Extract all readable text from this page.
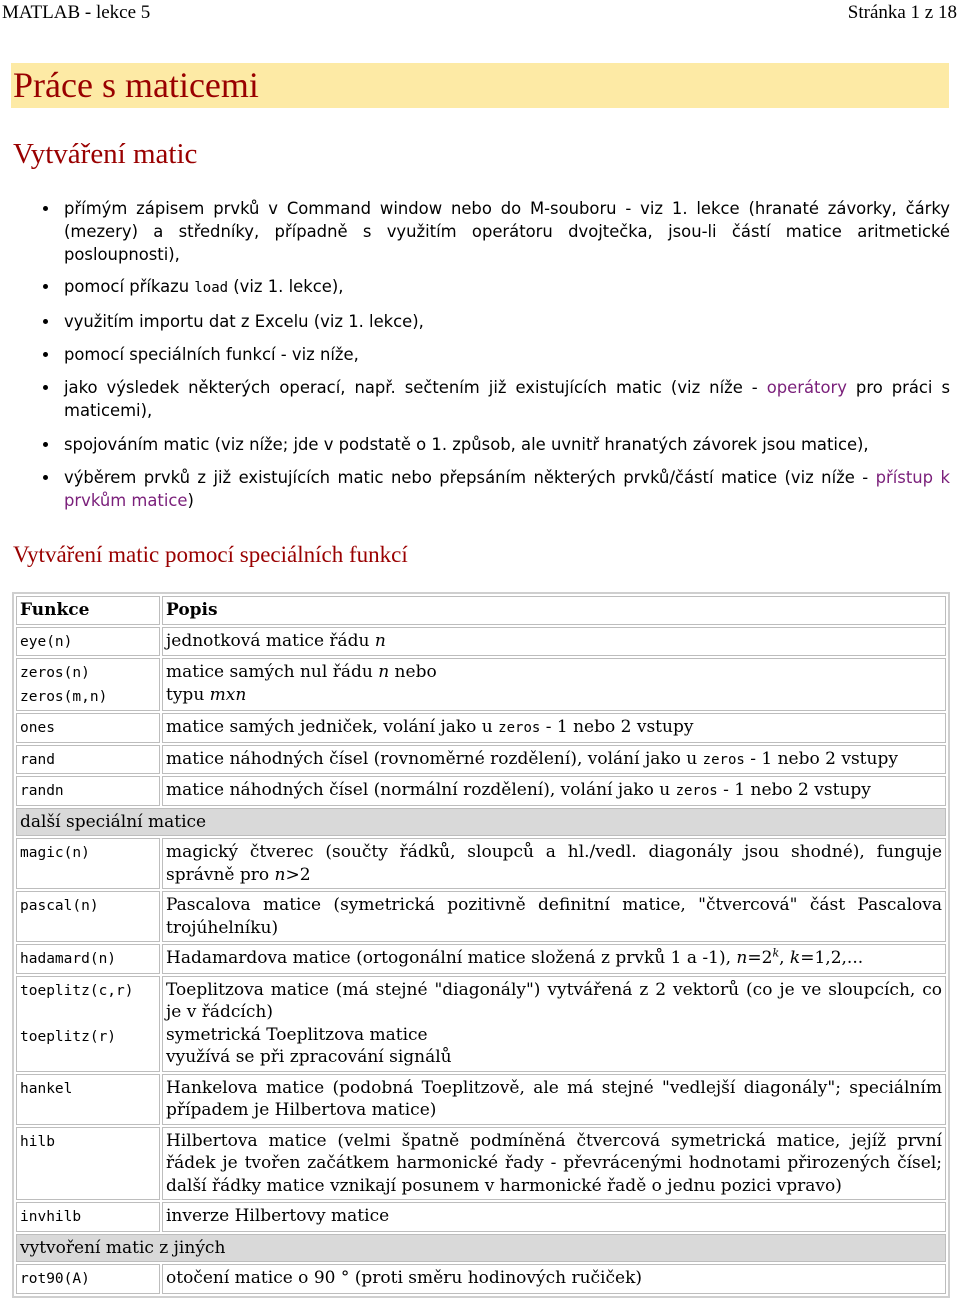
MATLAB - lekce 5	Stránka 1 z 18
Práce s maticemi
Vytváření matic
přímým zápisem prvků v Command window nebo do M-souboru - viz 1. lekce (hranaté závorky, čárky (mezery) a středníky, případně s využitím operátoru dvojtečka, jsou-li částí matice aritmetické posloupnosti),
pomocí příkazu load (viz 1. lekce),
využitím importu dat z Excelu (viz 1. lekce),
pomocí speciálních funkcí - viz níže,
jako výsledek některých operací, např. sečtením již existujících matic (viz níže - operátory pro práci s maticemi),
spojováním matic (viz níže; jde v podstatě o 1. způsob, ale uvnitř hranatých závorek jsou matice),
výběrem prvků z již existujících matic nebo přepsáním některých prvků/částí matice (viz níže - přístup k prvkům matice)
Vytváření matic pomocí speciálních funkcí
Funkce	Popis
eye(n)	jednotková matice řádu n
zeros(n)
zeros(m,n)	matice samých nul řádu n nebo
typu mxn
ones	matice samých jedniček, volání jako u zeros - 1 nebo 2 vstupy
rand	matice náhodných čísel (rovnoměrné rozdělení), volání jako u zeros - 1 nebo 2 vstupy
randn	matice náhodných čísel (normální rozdělení), volání jako u zeros - 1 nebo 2 vstupy
další speciální matice	
magic(n)	magický čtverec (součty řádků, sloupců a hl./vedl. diagonály jsou shodné), funguje správně pro n>2
pascal(n)	Pascalova matice (symetrická pozitivně definitní matice, "čtvercová" část Pascalova trojúhelníku)
hadamard(n)	Hadamardova matice (ortogonální matice složená z prvků 1 a -1), $n=2^k$, k=1,2,...
toeplitz(c,r)

toeplitz(r)	Toeplitzova matice (má stejné "diagonály") vytvářená z 2 vektorů (co je ve sloupcích, co je v řádcích)
symetrická Toeplitzova matice
využívá se při zpracování signálů
hankel	Hankelova matice (podobná Toeplitzově, ale má stejné "vedlejší diagonály"; speciálním případem je Hilbertova matice)
hilb	Hilbertova matice (velmi špatně podmíněná čtvercová symetrická matice, jejíž první řádek je tvořen začátkem harmonické řady - převrácenými hodnotami přirozených čísel; další řádky matice vznikají posunem v harmonické řadě o jednu pozici vpravo)
invhilb	inverze Hilbertovy matice
vytvoření matic z jiných	
rot90(A)	otočení matice o 90 ° (proti směru hodinových ručiček)
